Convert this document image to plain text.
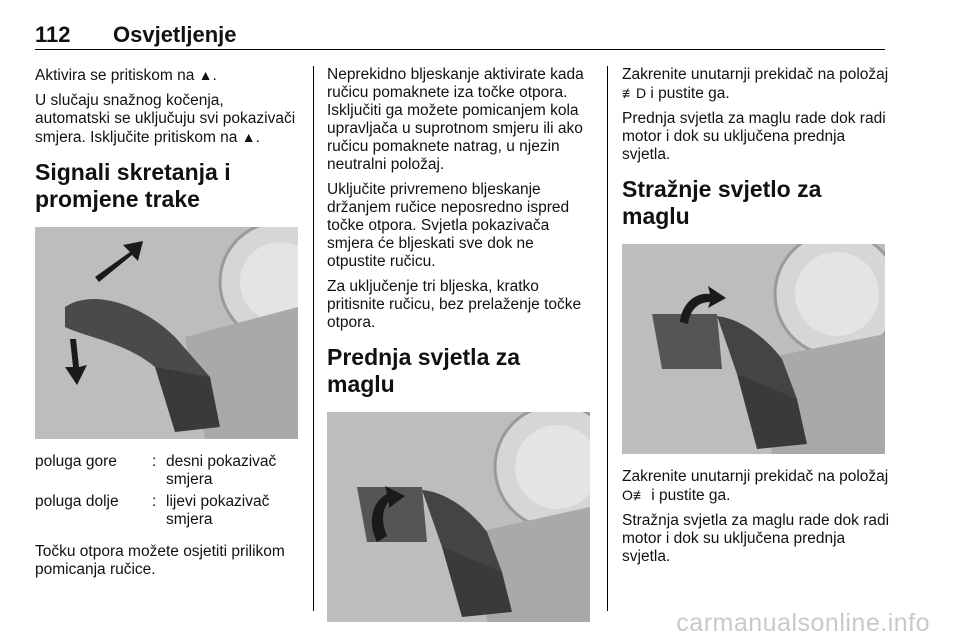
112 Osvjetljenje

Aktivira se pritiskom na ▲.

U slučaju snažnog kočenja, automatski se uključuju svi pokazivači smjera. Isključite pritiskom na ▲.

Signali skretanja i promjene trake
poluga gore	:	desni pokazivač smjera
poluga dolje	:	lijevi pokazivač smjera

Točku otpora možete osjetiti prilikom pomicanja ručice.

Neprekidno bljeskanje aktivirate kada ručicu pomaknete iza točke otpora. Isključiti ga možete pomicanjem kola upravljača u suprotnom smjeru ili ako ručicu pomaknete natrag, u njezin neutralni položaj.

Uključite privremeno bljeskanje držanjem ručice neposredno ispred točke otpora. Svjetla pokazivača smjera će bljeskati sve dok ne otpustite ručicu.

Za uključenje tri bljeska, kratko pritisnite ručicu, bez prelaženje točke otpora.

Prednja svjetla za maglu

Zakrenite unutarnji prekidač na položaj ≢D i pustite ga.

Prednja svjetla za maglu rade dok radi motor i dok su uključena prednja svjetla.

Stražnje svjetlo za maglu

Zakrenite unutarnji prekidač na položaj O≢ i pustite ga.

Stražnja svjetla za maglu rade dok radi motor i dok su uključena prednja svjetla.

carmanualsonline.info
